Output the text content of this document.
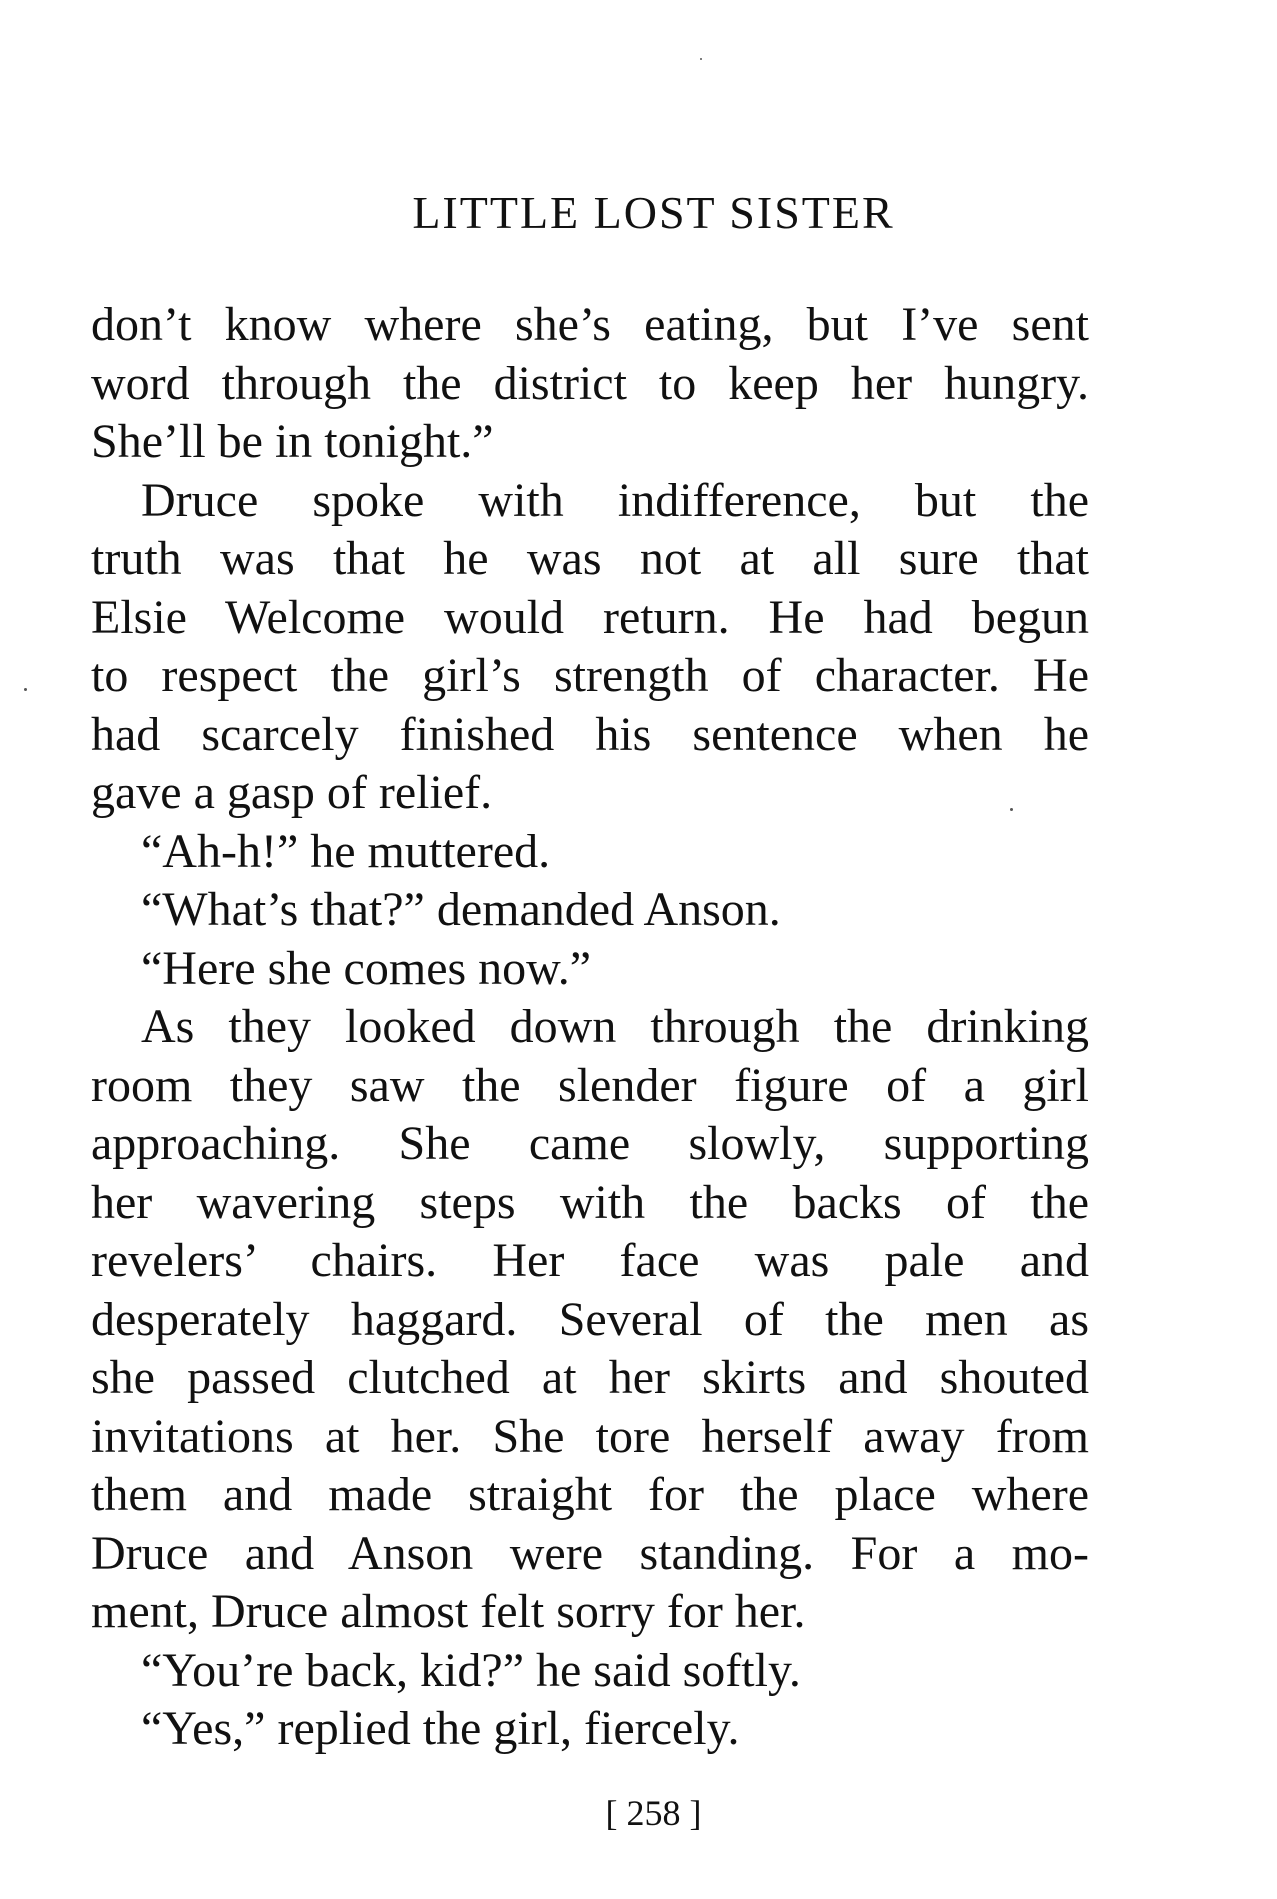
LITTLE LOST SISTER
don’t know where she’s eating, but I’ve sent
word through the district to keep her hungry.
She’ll be in tonight.”
Druce spoke with indifference, but the
truth was that he was not at all sure that
Elsie Welcome would return. He had begun
to respect the girl’s strength of character. He
had scarcely finished his sentence when he
gave a gasp of relief.
“Ah-h!” he muttered.
“What’s that?” demanded Anson.
“Here she comes now.”
As they looked down through the drinking
room they saw the slender figure of a girl
approaching. She came slowly, supporting
her wavering steps with the backs of the
revelers’ chairs. Her face was pale and
desperately haggard. Several of the men as
she passed clutched at her skirts and shouted
invitations at her. She tore herself away from
them and made straight for the place where
Druce and Anson were standing. For a mo-
ment, Druce almost felt sorry for her.
“You’re back, kid?” he said softly.
“Yes,” replied the girl, fiercely.
[ 258 ]
